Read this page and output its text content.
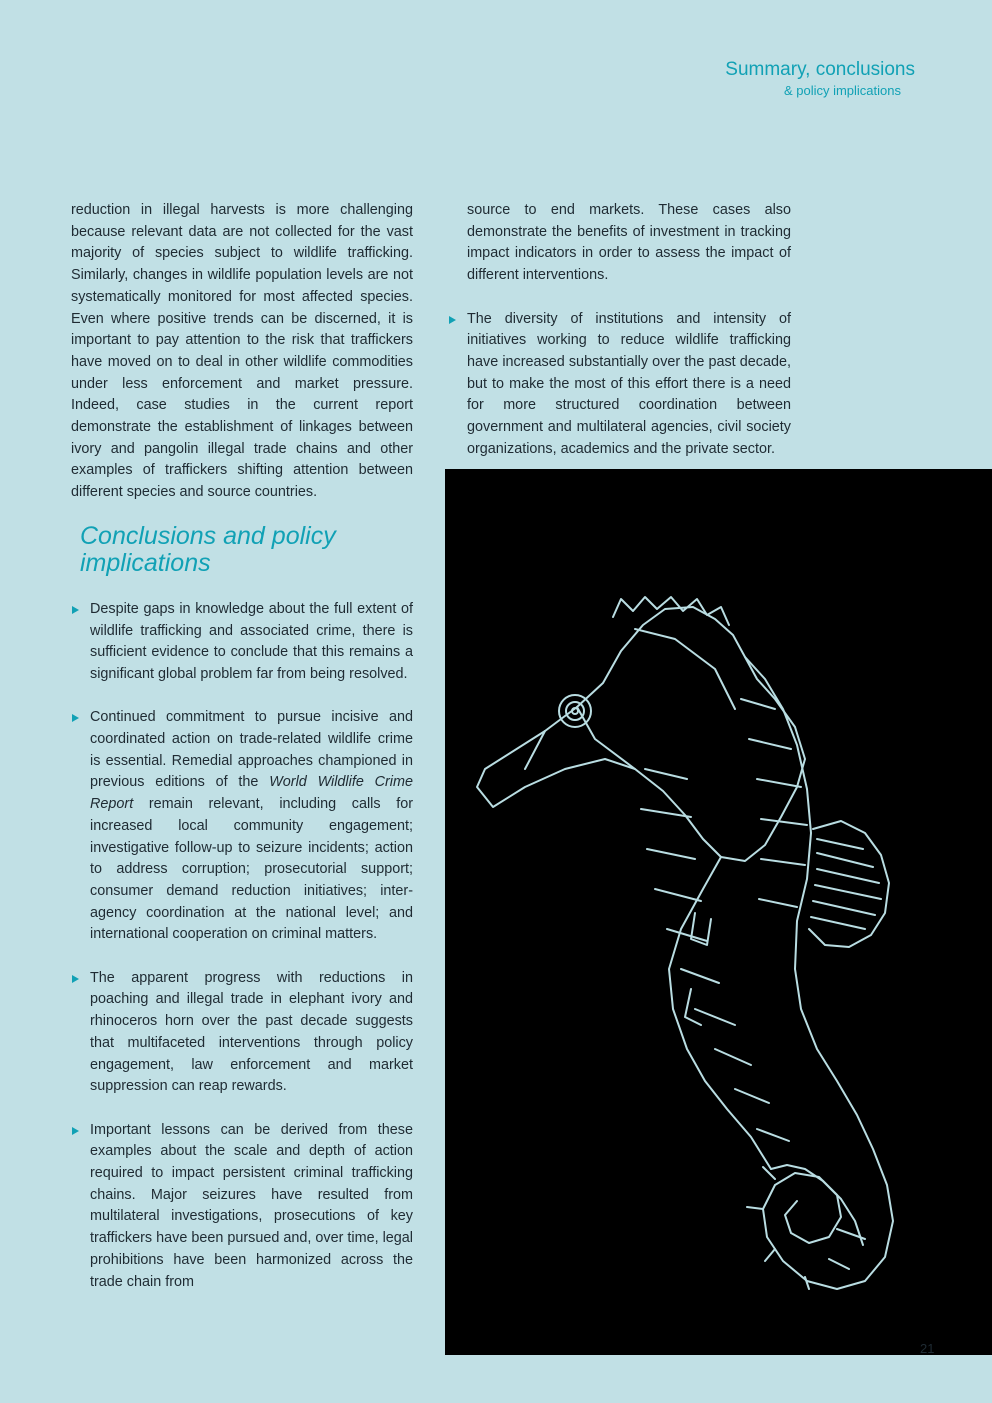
Summary, conclusions
& policy implications

reduction in illegal harvests is more challenging because relevant data are not collected for the vast majority of species subject to wildlife trafficking. Similarly, changes in wildlife population levels are not systematically monitored for most affected species. Even where positive trends can be discerned, it is important to pay attention to the risk that traffickers have moved on to deal in other wildlife commodities under less enforcement and market pressure. Indeed, case studies in the current report demonstrate the establishment of linkages between ivory and pangolin illegal trade chains and other examples of traffickers shifting attention between different species and source countries.

Conclusions and policy implications
Despite gaps in knowledge about the full extent of wildlife trafficking and associated crime, there is sufficient evidence to conclude that this remains a significant global problem far from being resolved.
Continued commitment to pursue incisive and coordinated action on trade-related wildlife crime is essential. Remedial approaches championed in previous editions of the World Wildlife Crime Report remain relevant, including calls for increased local community engagement; investigative follow-up to seizure incidents; action to address corruption; prosecutorial support; consumer demand reduction initiatives; inter-agency coordination at the national level; and international cooperation on criminal matters.
The apparent progress with reductions in poaching and illegal trade in elephant ivory and rhinoceros horn over the past decade suggests that multifaceted interventions through policy engagement, law enforcement and market suppression can reap rewards.
Important lessons can be derived from these examples about the scale and depth of action required to impact persistent criminal trafficking chains. Major seizures have resulted from multilateral investigations, prosecutions of key traffickers have been pursued and, over time, legal prohibitions have been harmonized across the trade chain from

source to end markets. These cases also demonstrate the benefits of investment in tracking impact indicators in order to assess the impact of different interventions.

The diversity of institutions and intensity of initiatives working to reduce wildlife trafficking have increased substantially over the past decade, but to make the most of this effort there is a need for more structured coordination between government and multilateral agencies, civil society organizations, academics and the private sector.
21
